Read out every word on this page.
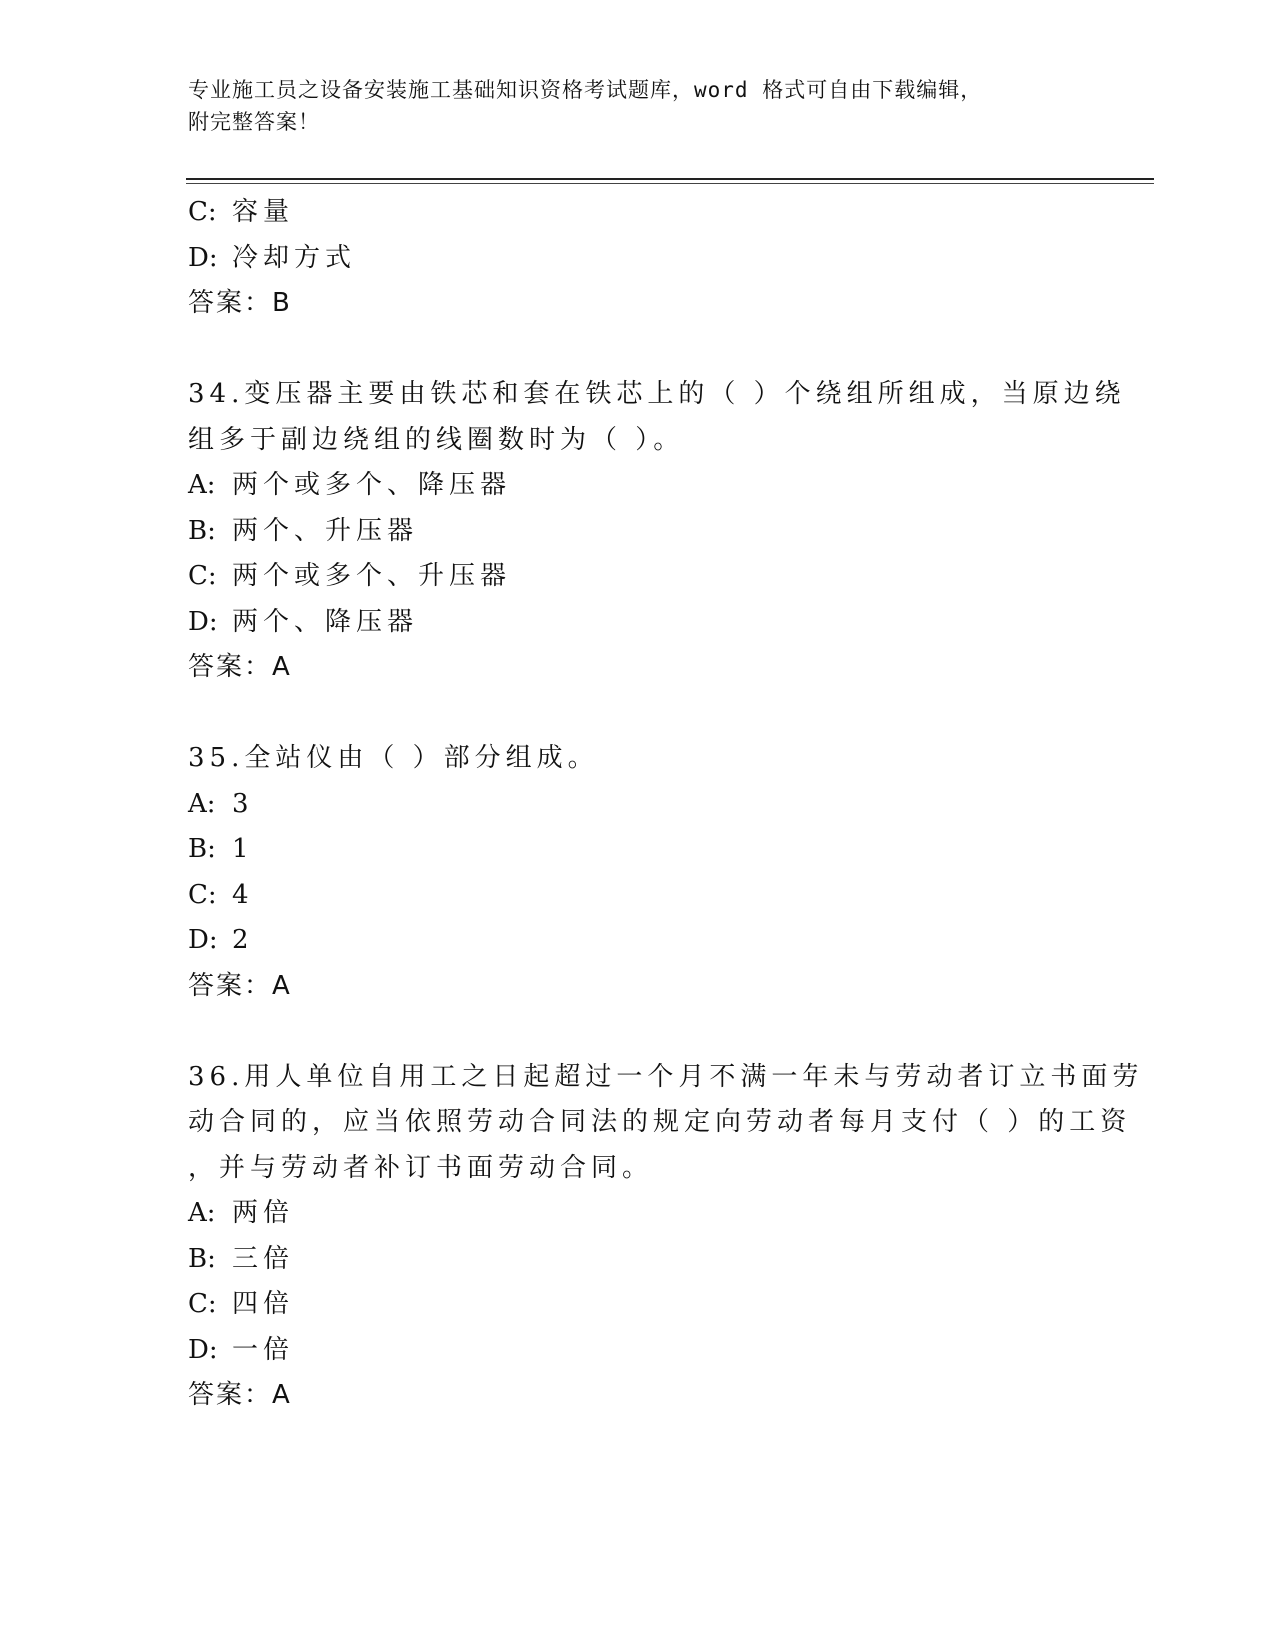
专业施工员之设备安装施工基础知识资格考试题库，word 格式可自由下载编辑，
附完整答案！
C: 容量
D: 冷却方式
答案：B
34.变压器主要由铁芯和套在铁芯上的（ ）个绕组所组成，当原边绕
组多于副边绕组的线圈数时为（ ）。
A: 两个或多个、降压器
B: 两个、升压器
C: 两个或多个、升压器
D: 两个、降压器
答案：A
35.全站仪由（ ）部分组成。
A: 3
B: 1
C: 4
D: 2
答案：A
36.用人单位自用工之日起超过一个月不满一年未与劳动者订立书面劳
动合同的，应当依照劳动合同法的规定向劳动者每月支付（ ）的工资
，并与劳动者补订书面劳动合同。
A: 两倍
B: 三倍
C: 四倍
D: 一倍
答案：A
